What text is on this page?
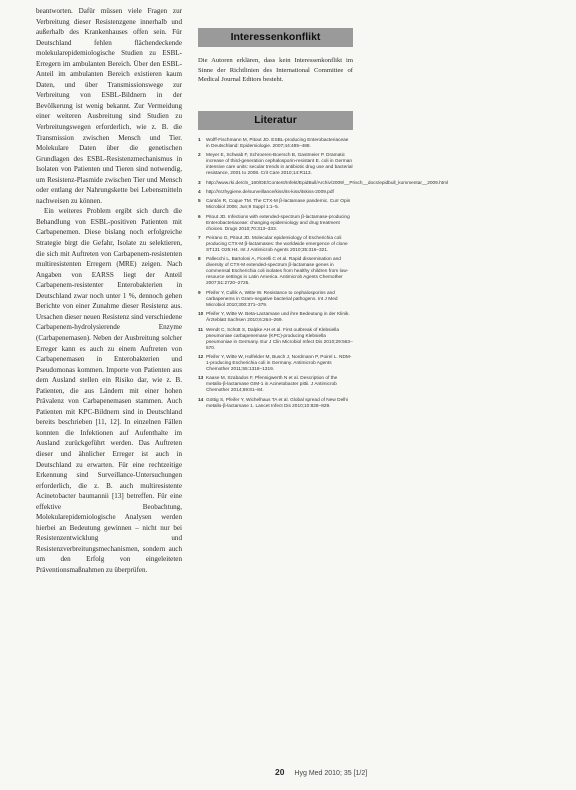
beantworten. Dafür müssen viele Fragen zur Verbreitung dieser Resistenzgene innerhalb und außerhalb des Krankenhauses offen sein. Für Deutschland fehlen flächendeckende molekularepidemiologische Studien zu ESBL-Erregern im ambulanten Bereich. Über den ESBL-Anteil im ambulanten Bereich existieren kaum Daten, und über Transmissionswege zur Verbreitung von ESBL-Bildnern in der Bevölkerung ist wenig bekannt. Zur Vermeidung einer weiteren Ausbreitung sind Studien zu Verbreitungswegen erforderlich, wie z. B. die Transmission zwischen Mensch und Tier. Molekulare Daten über die genetischen Grundlagen des ESBL-Resistenzmechanismus in Isolaten von Patienten und Tieren sind notwendig, um Resistenz-Plasmide zwischen Tier und Mensch oder entlang der Nahrungskette bei Lebensmitteln nachweisen zu können.

Ein weiteres Problem ergibt sich durch die Behandlung von ESBL-positiven Patienten mit Carbapenemen. Diese bislang noch erfolgreiche Strategie birgt die Gefahr, Isolate zu selektieren, die sich mit Auftreten von Carbapenem-resistenten multiresistenten Erregern (MRE) zeigen. Nach Angaben von EARSS liegt der Anteil Carbapenem-resistenter Enterobakterien in Deutschland zwar noch unter 1 %, dennoch gehen Berichte von einer Zunahme dieser Resistenz aus. Ursachen dieser neuen Resistenz sind verschiedene Carbapenem-hydrolysierende Enzyme (Carbapenemasen). Neben der Ausbreitung solcher Erreger kann es auch zu einem Auftreten von Carbapenemasen in Enterobakterien und Pseudomonas kommen. Importe von Patienten aus dem Ausland stellen ein Risiko dar, wie z. B. Patienten, die aus Ländern mit einer hohen Prävalenz von Carbapenemasen stammen. Auch Patienten mit KPC-Bildnern sind in Deutschland bereits beschrieben [11, 12]. In einzelnen Fällen konnten die Infektionen auf Aufenthalte im Ausland zurückgeführt werden. Das Auftreten dieser und ähnlicher Erreger ist auch in Deutschland zu erwarten. Für eine rechtzeitige Erkennung sind Surveillance-Untersuchungen erforderlich, die z. B. auch multiresistente Acinetobacter baumannii [13] betreffen. Für eine effektive Beobachtung, Molekularepidemiologische Analysen werden hierbei an Bedeutung gewinnen – nicht nur bei Resistenzentwicklung und Resistenzverbreitungsmechanismen, sondern auch um den Erfolg von eingeleiteten Präventionsmaßnahmen zu überprüfen.

Interessenkonflikt

Die Autoren erklären, dass kein Interessenkonflikt im Sinne der Richtlinien des International Committee of Medical Journal Editors besteht.

Literatur
1 Wolff-Fischmann M, Pitout JD. ESBL-producing Enterobacteriaceae in Deutschland: Epidemiologie. 2007;44:485–488.
2 Meyer E, Schwab F, Schroeren-Boersch B, Gastmeier P. Dramatic increase of third-generation cephalosporin-resistant E. coli in German intensive care units: secular trends in antibiotic drug use and bacterial resistance, 2001 to 2008. Crit Care 2010;14:R113.
3 http://www.rki.de/cln_160/DE/Content/Infekt/EpidBull/Archiv/2009/__Prisch__docs/epidbull_kommentar__2009.html
4 http://nrzhygiene.de/surveillance/kiss/its-kiss/itskiss-2009.pdf
5 Cantón R, Coque TM. The CTX-M β-lactamase pandemic. Curr Opin Microbiol 2006; Jun;9 Suppl 1:1–5.
6 Pitout JD. Infections with extended-spectrum β-lactamase-producing Enterobacteriaceae: changing epidemiology and drug treatment choices. Drugs 2010;70:313–333.
7 Peirano G, Pitout JD. Molecular epidemiology of Escherichia coli producing CTX-M β-lactamases: the worldwide emergence of clone ST131 O25:H4. Int J Antimicrob Agents 2010;35:316–321.
8 Pallecchi L, Bartoloni A, Fiorelli C et al. Rapid dissemination and diversity of CTX-M extended-spectrum β-lactamase genes in commensal Escherichia coli isolates from healthy children from low-resource settings in Latin America. Antimicrob Agents Chemother 2007;51:2720–2725.
9 Pfeifer Y, Cullik A, Witte W. Resistance to cephalosporins and carbapenems in Gram-negative bacterial pathogens. Int J Med Microbiol 2010;300:371–379.
10 Pfeifer Y, Witte W. Beta-Lactamase und ihre Bedeutung in der Klinik. Ärzteblatt Sachsen 2010;6:264–269.
11 Wendt C, Schütt S, Dalpke AH et al. First outbreak of Klebsiella pneumoniae carbapenemase (KPC)-producing Klebsiella pneumoniae in Germany. Eur J Clin Microbiol Infect Dis 2010;29:563–570.
12 Pfeifer Y, Witte W, Holfelder M, Busch J, Nordmann P, Poirel L. NDM-1-producing Escherichia coli in Germany. Antimicrob Agents Chemother 2011;55:1318–1319.
13 Kaase M, Szabados F, Pfennigwerth N et al. Description of the metallo-β-lactamase GIM-1 in Acinetobacter pittii. J Antimicrob Chemother 2014;69:81–84.
14 Göttig S, Pfeifer Y, Wichelhaus TA et al. Global spread of New Delhi metallo-β-lactamase 1. Lancet Infect Dis 2010;10:828–829.
20 Hyg Med 2010; 35 [1/2]
